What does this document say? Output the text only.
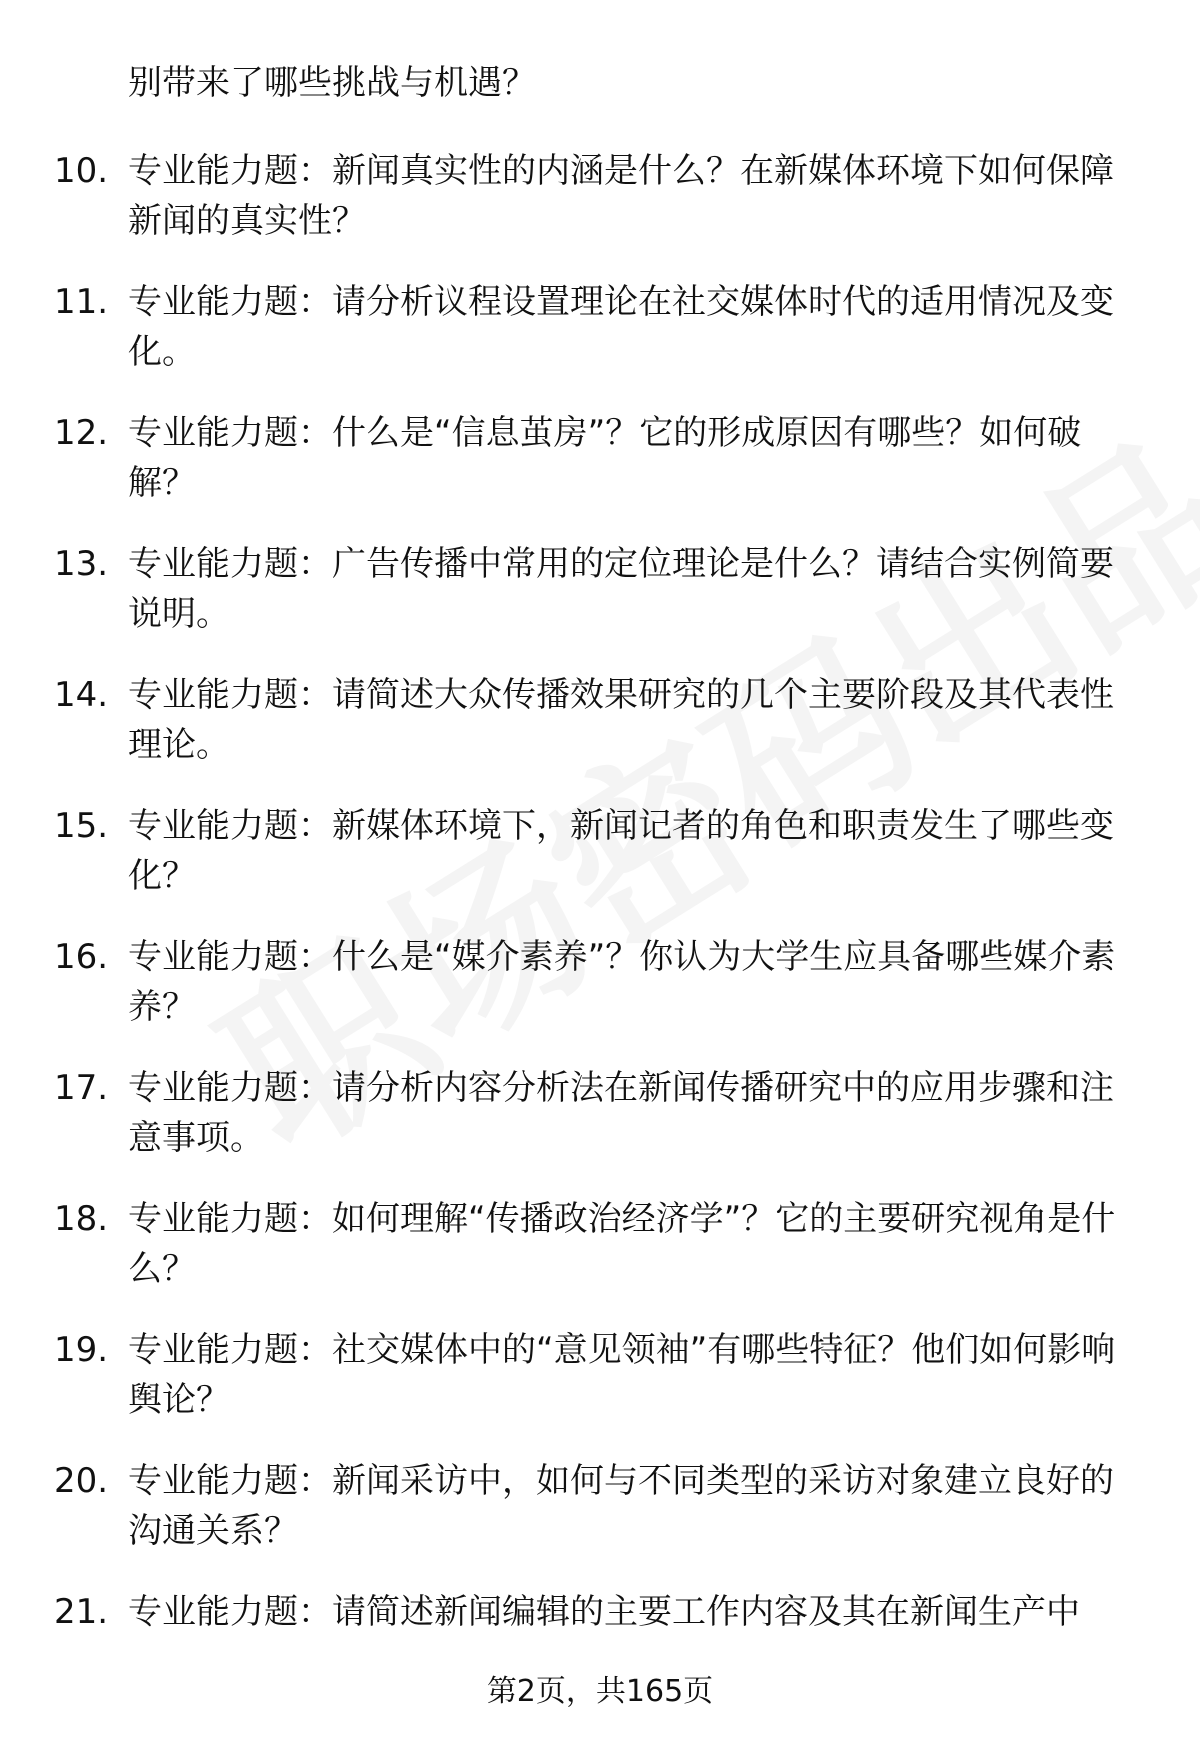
别带来了哪些挑战与机遇？

10. 专业能力题：新闻真实性的内涵是什么？在新媒体环境下如何保障新闻的真实性？

11. 专业能力题：请分析议程设置理论在社交媒体时代的适用情况及变化。

12. 专业能力题：什么是“信息茧房”？它的形成原因有哪些？如何破解？

13. 专业能力题：广告传播中常用的定位理论是什么？请结合实例简要说明。

14. 专业能力题：请简述大众传播效果研究的几个主要阶段及其代表性理论。

15. 专业能力题：新媒体环境下，新闻记者的角色和职责发生了哪些变化？

16. 专业能力题：什么是“媒介素养”？你认为大学生应具备哪些媒介素养？

17. 专业能力题：请分析内容分析法在新闻传播研究中的应用步骤和注意事项。

18. 专业能力题：如何理解“传播政治经济学”？它的主要研究视角是什么？

19. 专业能力题：社交媒体中的“意见领袖”有哪些特征？他们如何影响舆论？

20. 专业能力题：新闻采访中，如何与不同类型的采访对象建立良好的沟通关系？

21. 专业能力题：请简述新闻编辑的主要工作内容及其在新闻生产中

第2页，共165页
